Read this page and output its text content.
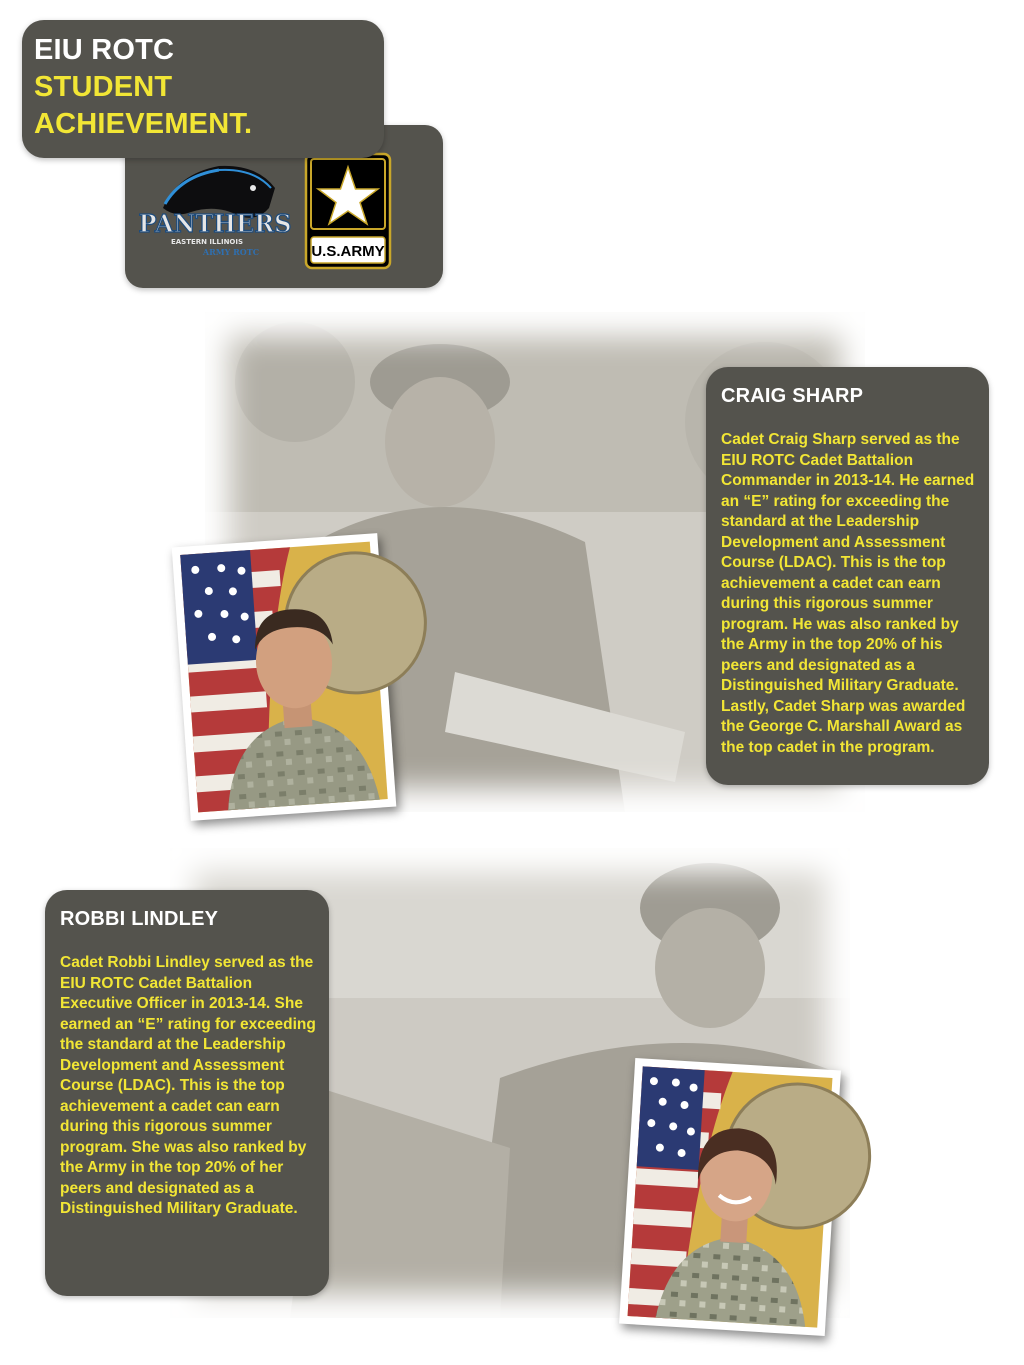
EIU ROTC
STUDENT
ACHIEVEMENT.
PANTHERS
EASTERN ILLINOIS
ARMY ROTC	U.S.ARMY
CRAIG SHARP
Cadet Craig Sharp served as the EIU ROTC Cadet Battalion Commander in 2013-14. He earned an “E” rating for exceeding the standard at the Leadership Development and Assessment Course (LDAC). This is the top achievement a cadet can earn during this rigorous summer program. He was also ranked by the Army in the top 20% of his peers and designated as a Distinguished Military Graduate. Lastly, Cadet Sharp was awarded the George C. Marshall Award as the top cadet in the program.
ROBBI LINDLEY
Cadet Robbi Lindley served as the EIU ROTC Cadet Battalion Executive Officer in 2013-14. She earned an “E” rating for exceeding the standard at the Leadership Development and Assessment Course (LDAC). This is the top achievement a cadet can earn during this rigorous summer program. She was also ranked by the Army in the top 20% of her peers and designated as a Distinguished Military Graduate.
